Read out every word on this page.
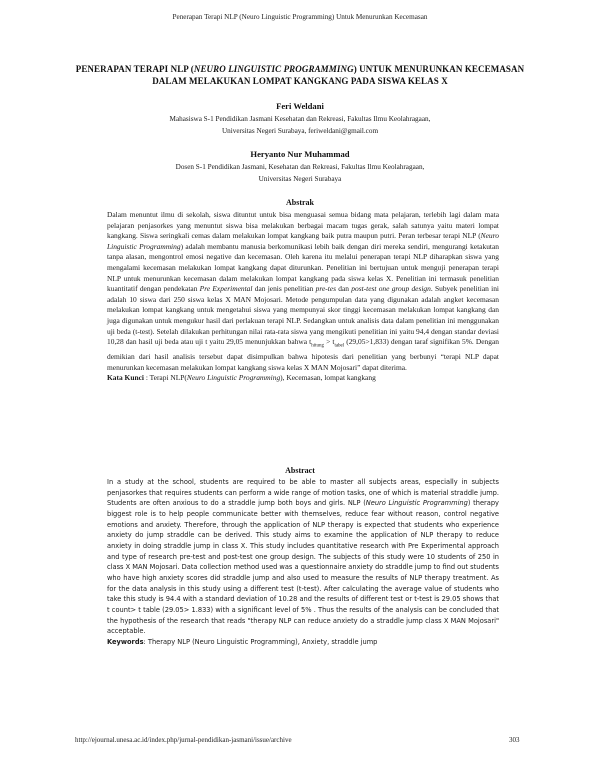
Penerapan Terapi NLP (Neuro Linguistic Programming) Untuk Menurunkan Kecemasan
PENERAPAN TERAPI NLP (NEURO LINGUISTIC PROGRAMMING) UNTUK MENURUNKAN KECEMASAN DALAM MELAKUKAN LOMPAT KANGKANG PADA SISWA KELAS X
Feri Weldani
Mahasiswa S-1 Pendidikan Jasmani Kesehatan dan Rekreasi, Fakultas Ilmu Keolahragaan,
Universitas Negeri Surabaya, feriweldani@gmail.com
Heryanto Nur Muhammad
Dosen S-1 Pendidikan Jasmani, Kesehatan dan Rekreasi, Fakultas Ilmu Keolahragaan,
Universitas Negeri Surabaya
Abstrak
Dalam menuntut ilmu di sekolah, siswa dituntut untuk bisa menguasai semua bidang mata pelajaran, terlebih lagi dalam mata pelajaran penjasorkes yang menuntut siswa bisa melakukan berbagai macam tugas gerak, salah satunya yaitu materi lompat kangkang. Siswa seringkali cemas dalam melakukan lompat kangkang baik putra maupun putri. Peran terbesar terapi NLP (Neuro Linguistic Programming) adalah membantu manusia berkomunikasi lebih baik dengan diri mereka sendiri, mengurangi ketakutan tanpa alasan, mengontrol emosi negative dan kecemasan. Oleh karena itu melalui penerapan terapi NLP diharapkan siswa yang mengalami kecemasan melakukan lompat kangkang dapat diturunkan. Penelitian ini bertujuan untuk menguji penerapan terapi NLP untuk menurunkan kecemasan dalam melakukan lompat kangkang pada siswa kelas X. Penelitian ini termasuk penelitian kuantitatif dengan pendekatan Pre Experimental dan jenis penelitian pre-tes dan post-test one group design. Subyek penelitian ini adalah 10 siswa dari 250 siswa kelas X MAN Mojosari. Metode pengumpulan data yang digunakan adalah angket kecemasan melakukan lompat kangkang untuk mengetahui siswa yang mempunyai skor tinggi kecemasan melakukan lompat kangkang dan juga digunakan untuk mengukur hasil dari perlakuan terapi NLP. Sedangkan untuk analisis data dalam penelitian ini menggunakan uji beda (t-test). Setelah dilakukan perhitungan nilai rata-rata siswa yang mengikuti penelitian ini yaitu 94,4 dengan standar deviasi 10,28 dan hasil uji beda atau uji t yaitu 29,05 menunjukkan bahwa $t_{hitung} > t_{tabel}$ (29,05>1,833) dengan taraf signifikan 5%. Dengan demikian dari hasil analisis tersebut dapat disimpulkan bahwa hipotesis dari penelitian yang berbunyi “terapi NLP dapat menurunkan kecemasan melakukan lompat kangkang siswa kelas X MAN Mojosari” dapat diterima.
Kata Kunci : Terapi NLP(Neuro Linguistic Programming), Kecemasan, lompat kangkang
Abstract
In a study at the school, students are required to be able to master all subjects areas, especially in subjects penjasorkes that requires students can perform a wide range of motion tasks, one of which is material straddle jump. Students are often anxious to do a straddle jump both boys and girls. NLP (Neuro Linguistic Programming) therapy biggest role is to help people communicate better with themselves, reduce fear without reason, control negative emotions and anxiety. Therefore, through the application of NLP therapy is expected that students who experience anxiety do jump straddle can be derived. This study aims to examine the application of NLP therapy to reduce anxiety in doing straddle jump in class X. This study includes quantitative research with Pre Experimental approach and type of research pre-test and post-test one group design. The subjects of this study were 10 students of 250 in class X MAN Mojosari. Data collection method used was a questionnaire anxiety do straddle jump to find out students who have high anxiety scores did straddle jump and also used to measure the results of NLP therapy treatment. As for the data analysis in this study using a different test (t-test). After calculating the average value of students who take this study is 94.4 with a standard deviation of 10.28 and the results of different test or t-test is 29.05 shows that t count> t table (29.05> 1.833) with a significant level of 5% . Thus the results of the analysis can be concluded that the hypothesis of the research that reads "therapy NLP can reduce anxiety do a straddle jump class X MAN Mojosari" acceptable.
Keywords: Therapy NLP (Neuro Linguistic Programming), Anxiety, straddle jump
http://ejournal.unesa.ac.id/index.php/jurnal-pendidikan-jasmani/issue/archive	303
